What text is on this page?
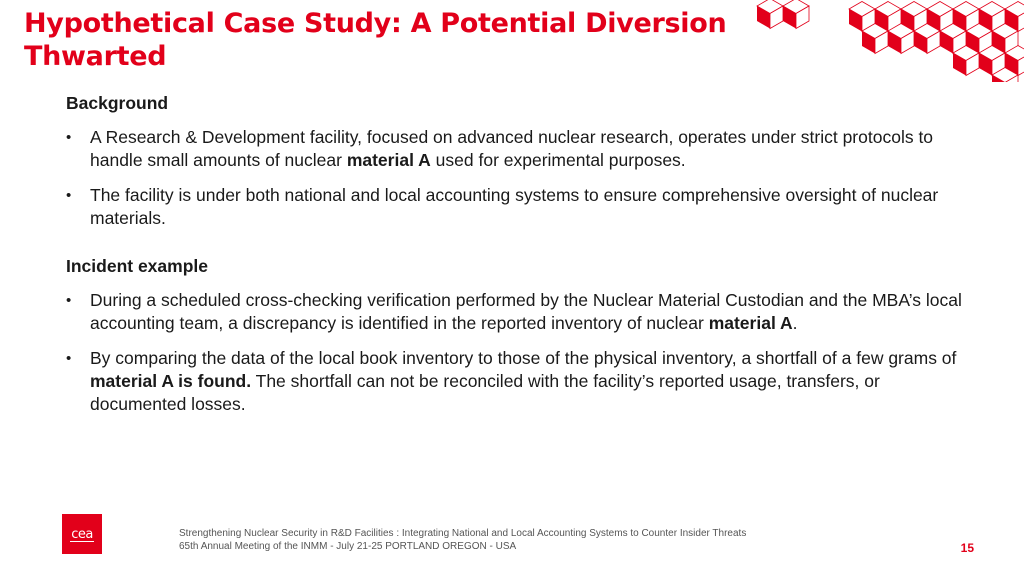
Hypothetical Case Study: A Potential Diversion Thwarted
Background
• A Research & Development facility, focused on advanced nuclear research, operates under strict protocols to handle small amounts of nuclear material A used for experimental purposes.
• The facility is under both national and local accounting systems to ensure comprehensive oversight of nuclear materials.
Incident example
• During a scheduled cross-checking verification performed by the Nuclear Material Custodian and the MBA’s local accounting team, a discrepancy is identified in the reported inventory of nuclear material A.
• By comparing the data of the local book inventory to those of the physical inventory, a shortfall of a few grams of material A is found. The shortfall can not be reconciled with the facility’s reported usage, transfers, or documented losses.
cea	Strengthening Nuclear Security in R&D Facilities : Integrating National and Local Accounting Systems to Counter Insider Threats
65th Annual Meeting of the INMM - July 21-25 PORTLAND OREGON - USA	15
